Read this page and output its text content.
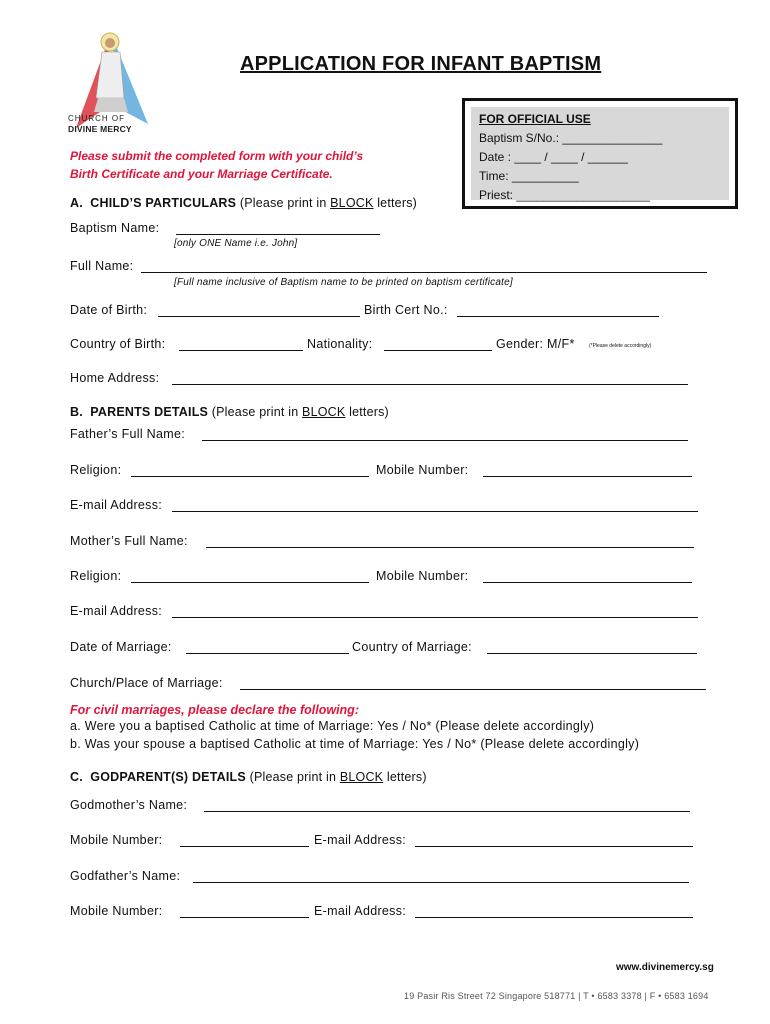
CHURCH OF
DIVINE MERCY
APPLICATION FOR INFANT BAPTISM
FOR OFFICIAL USE
Baptism S/No.: _______________
Date : ____ / ____ / ______
Time: __________
Priest: ____________________
Please submit the completed form with your child’s
Birth Certificate and your Marriage Certificate.
A. CHILD’S PARTICULARS (Please print in BLOCK letters)
Baptism Name:
[only ONE Name i.e. John]
Full Name:
[Full name inclusive of Baptism name to be printed on baptism certificate]
Date of Birth:	Birth Cert No.:
Country of Birth:	Nationality:	Gender: M/F*	(*Please delete accordingly)
Home Address:
B. PARENTS DETAILS (Please print in BLOCK letters)
Father’s Full Name:
Religion:	Mobile Number:
E-mail Address:
Mother’s Full Name:
Religion:	Mobile Number:
E-mail Address:
Date of Marriage:	Country of Marriage:
Church/Place of Marriage:
For civil marriages, please declare the following:
a. Were you a baptised Catholic at time of Marriage: Yes / No* (Please delete accordingly)
b. Was your spouse a baptised Catholic at time of Marriage: Yes / No* (Please delete accordingly)
C. GODPARENT(S) DETAILS (Please print in BLOCK letters)
Godmother’s Name:
Mobile Number:	E-mail Address:
Godfather’s Name:
Mobile Number:	E-mail Address:
www.divinemercy.sg
19 Pasir Ris Street 72 Singapore 518771 | T • 6583 3378 | F • 6583 1694
